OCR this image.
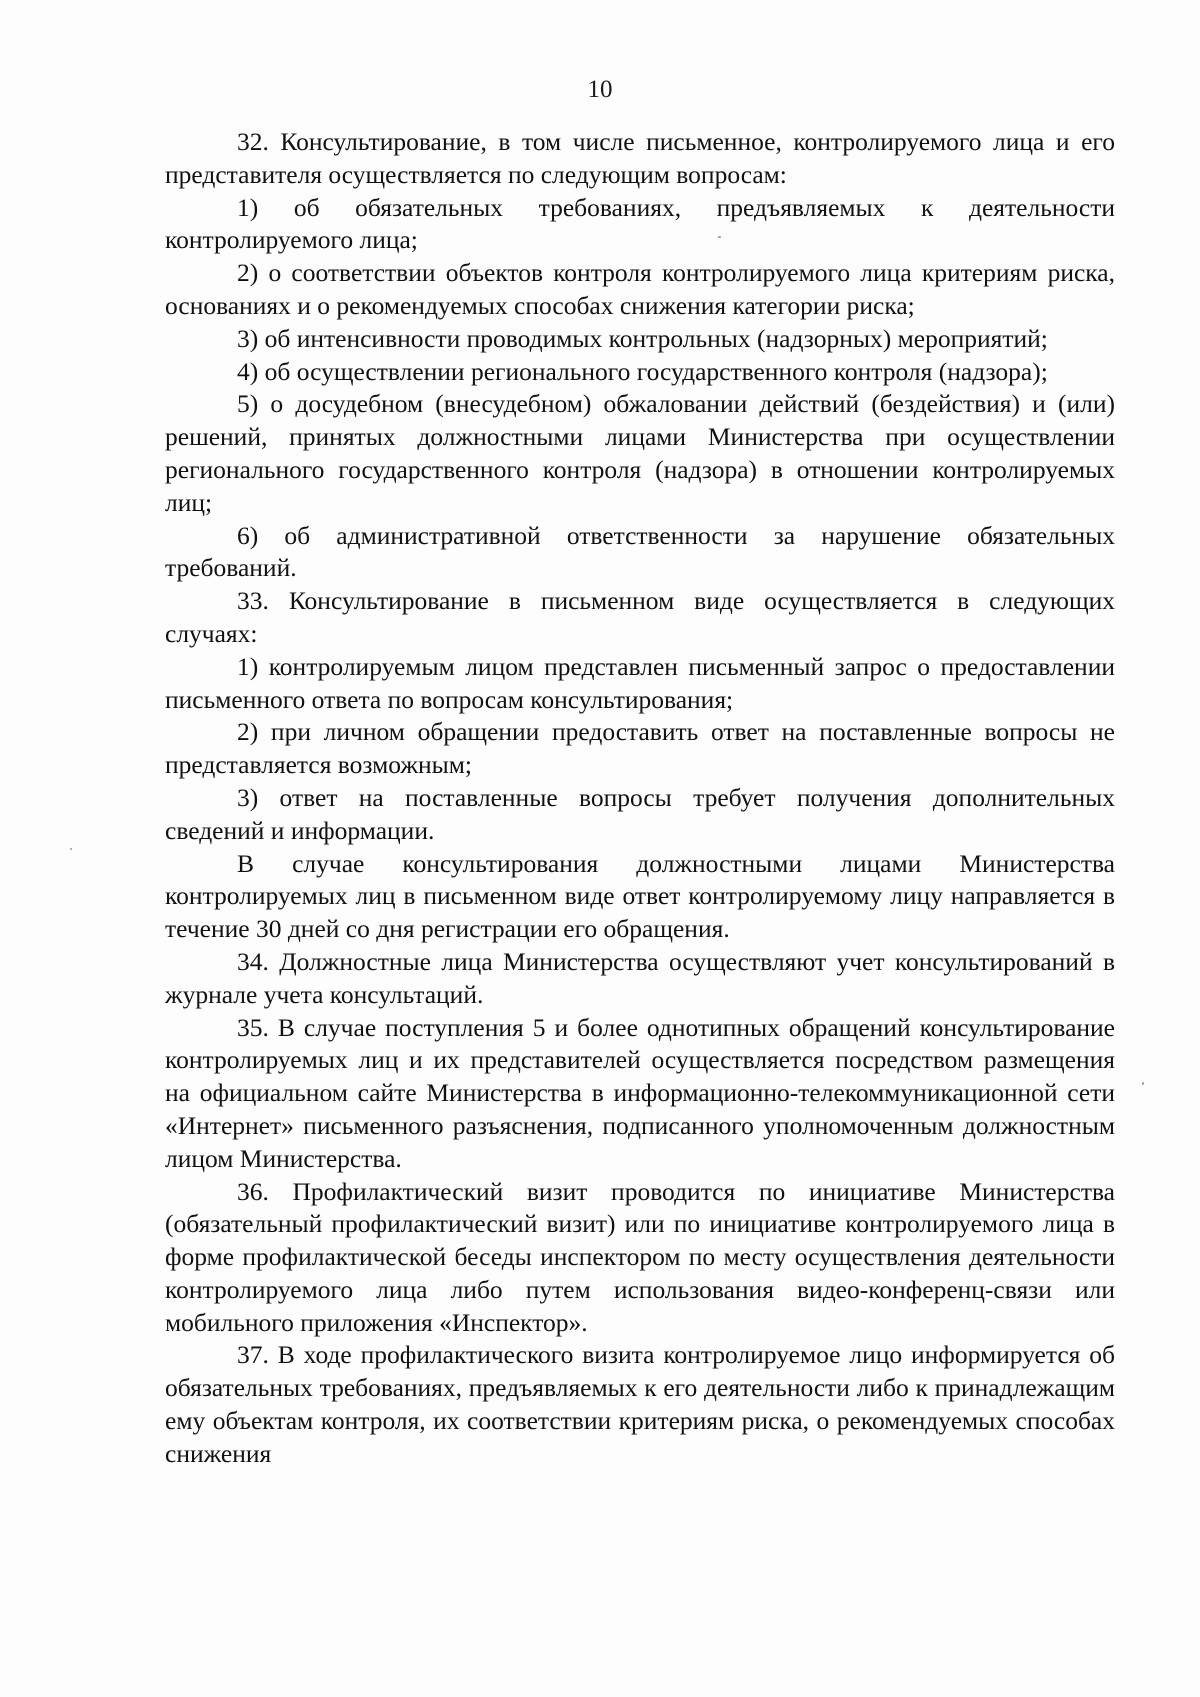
10

32. Консультирование, в том числе письменное, контролируемого лица и его представителя осуществляется по следующим вопросам:

1) об обязательных требованиях, предъявляемых к деятельности контролируемого лица;

2) о соответствии объектов контроля контролируемого лица критериям риска, основаниях и о рекомендуемых способах снижения категории риска;

3) об интенсивности проводимых контрольных (надзорных) мероприятий;

4) об осуществлении регионального государственного контроля (надзора);

5) о досудебном (внесудебном) обжаловании действий (бездействия) и (или) решений, принятых должностными лицами Министерства при осуществлении регионального государственного контроля (надзора) в отношении контролируемых лиц;

6) об административной ответственности за нарушение обязательных требований.

33. Консультирование в письменном виде осуществляется в следующих случаях:

1) контролируемым лицом представлен письменный запрос о предоставлении письменного ответа по вопросам консультирования;

2) при личном обращении предоставить ответ на поставленные вопросы не представляется возможным;

3) ответ на поставленные вопросы требует получения дополнительных сведений и информации.

В случае консультирования должностными лицами Министерства контролируемых лиц в письменном виде ответ контролируемому лицу направляется в течение 30 дней со дня регистрации его обращения.

34. Должностные лица Министерства осуществляют учет консультирований в журнале учета консультаций.

35. В случае поступления 5 и более однотипных обращений консультирование контролируемых лиц и их представителей осуществляется посредством размещения на официальном сайте Министерства в информационно-телекоммуникационной сети «Интернет» письменного разъяснения, подписанного уполномоченным должностным лицом Министерства.

36. Профилактический визит проводится по инициативе Министерства (обязательный профилактический визит) или по инициативе контролируемого лица в форме профилактической беседы инспектором по месту осуществления деятельности контролируемого лица либо путем использования видео-конференц-связи или мобильного приложения «Инспектор».

37. В ходе профилактического визита контролируемое лицо информируется об обязательных требованиях, предъявляемых к его деятельности либо к принадлежащим ему объектам контроля, их соответствии критериям риска, о рекомендуемых способах снижения
